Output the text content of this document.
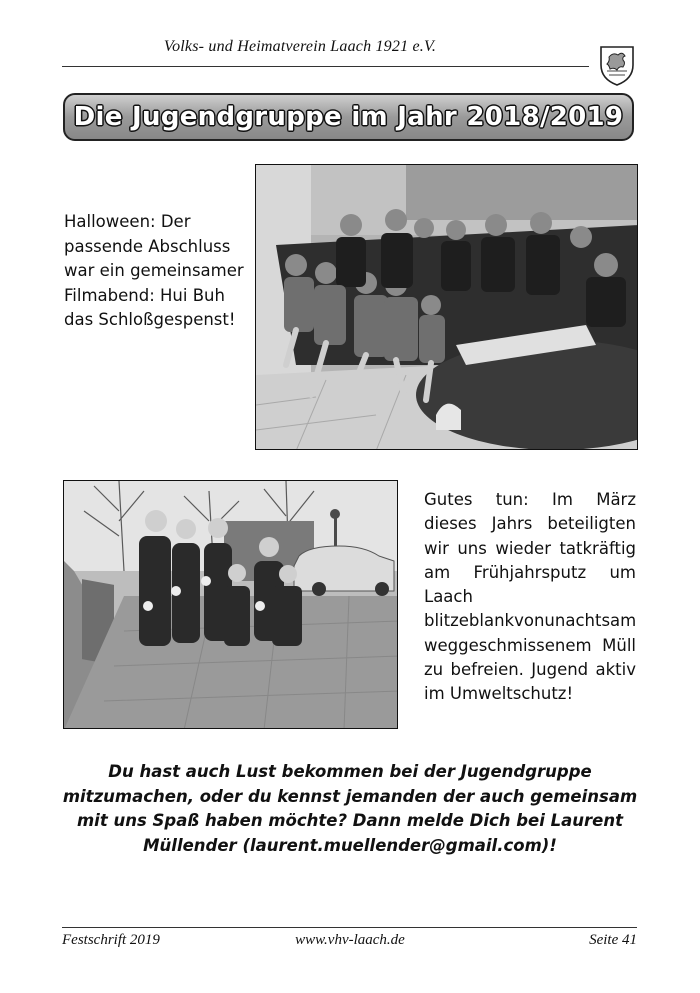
Volks- und Heimatverein Laach 1921 e.V.
Die Jugendgruppe im Jahr 2018/2019
Halloween: Der passende Abschluss war ein gemeinsamer Filmabend: Hui Buh das Schloßgespenst!
Gutes tun: Im März dieses Jahrs beteiligten wir uns wieder tatkräftig am Frühjahrsputz um Laach blitzeblankvonunachtsam weggeschmissenem Müll zu befreien. Jugend aktiv im Umweltschutz!
Du hast auch Lust bekommen bei der Jugendgruppe mitzumachen, oder du kennst jemanden der auch gemeinsam mit uns Spaß haben möchte? Dann melde Dich bei Laurent Müllender (laurent.muellender@gmail.com)!
Festschrift 2019	www.vhv-laach.de	Seite 41
